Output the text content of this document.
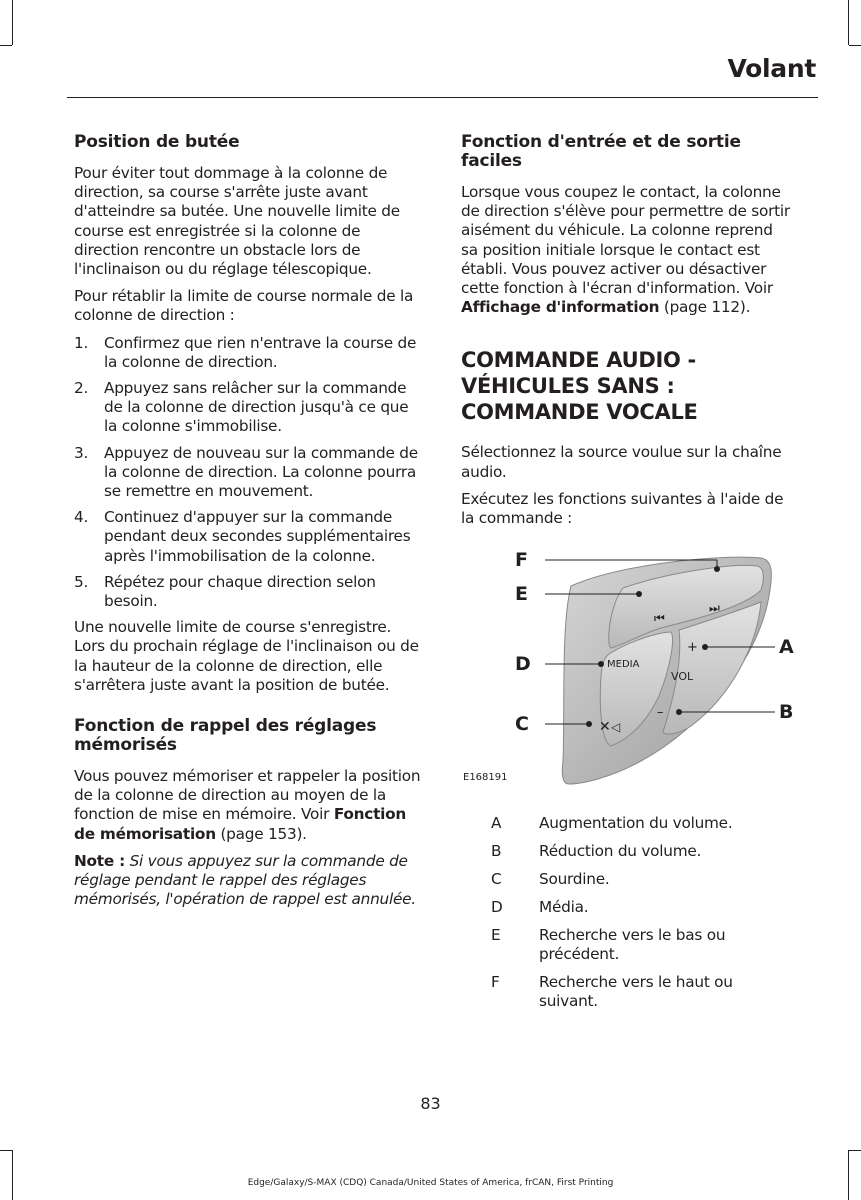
Volant
Position de butée

Pour éviter tout dommage à la colonne de direction, sa course s'arrête juste avant d'atteindre sa butée. Une nouvelle limite de course est enregistrée si la colonne de direction rencontre un obstacle lors de l'inclinaison ou du réglage télescopique.

Pour rétablir la limite de course normale de la colonne de direction :

1. Confirmez que rien n'entrave la course de la colonne de direction.
2. Appuyez sans relâcher sur la commande de la colonne de direction jusqu'à ce que la colonne s'immobilise.
3. Appuyez de nouveau sur la commande de la colonne de direction. La colonne pourra se remettre en mouvement.
4. Continuez d'appuyer sur la commande pendant deux secondes supplémentaires après l'immobilisation de la colonne.
5. Répétez pour chaque direction selon besoin.

Une nouvelle limite de course s'enregistre. Lors du prochain réglage de l'inclinaison ou de la hauteur de la colonne de direction, elle s'arrêtera juste avant la position de butée.

Fonction de rappel des réglages mémorisés

Vous pouvez mémoriser et rappeler la position de la colonne de direction au moyen de la fonction de mise en mémoire. Voir Fonction de mémorisation (page 153).

Note : Si vous appuyez sur la commande de réglage pendant le rappel des réglages mémorisés, l'opération de rappel est annulée.

Fonction d'entrée et de sortie faciles

Lorsque vous coupez le contact, la colonne de direction s'élève pour permettre de sortir aisément du véhicule. La colonne reprend sa position initiale lorsque le contact est établi. Vous pouvez activer ou désactiver cette fonction à l'écran d'information. Voir Affichage d'information (page 112).

COMMANDE AUDIO -
VÉHICULES SANS :
COMMANDE VOCALE

Sélectionnez la source voulue sur la chaîne audio.

Exécutez les fonctions suivantes à l'aide de la commande :

⏮
⏭
✕ ◁
MEDIA
VOL
+
–
F
E
D
C
A
B
E168191
A	Augmentation du volume.
B	Réduction du volume.
C	Sourdine.
D	Média.
E	Recherche vers le bas ou précédent.
F	Recherche vers le haut ou suivant.
83
Edge/Galaxy/S-MAX (CDQ) Canada/United States of America, frCAN, First Printing
